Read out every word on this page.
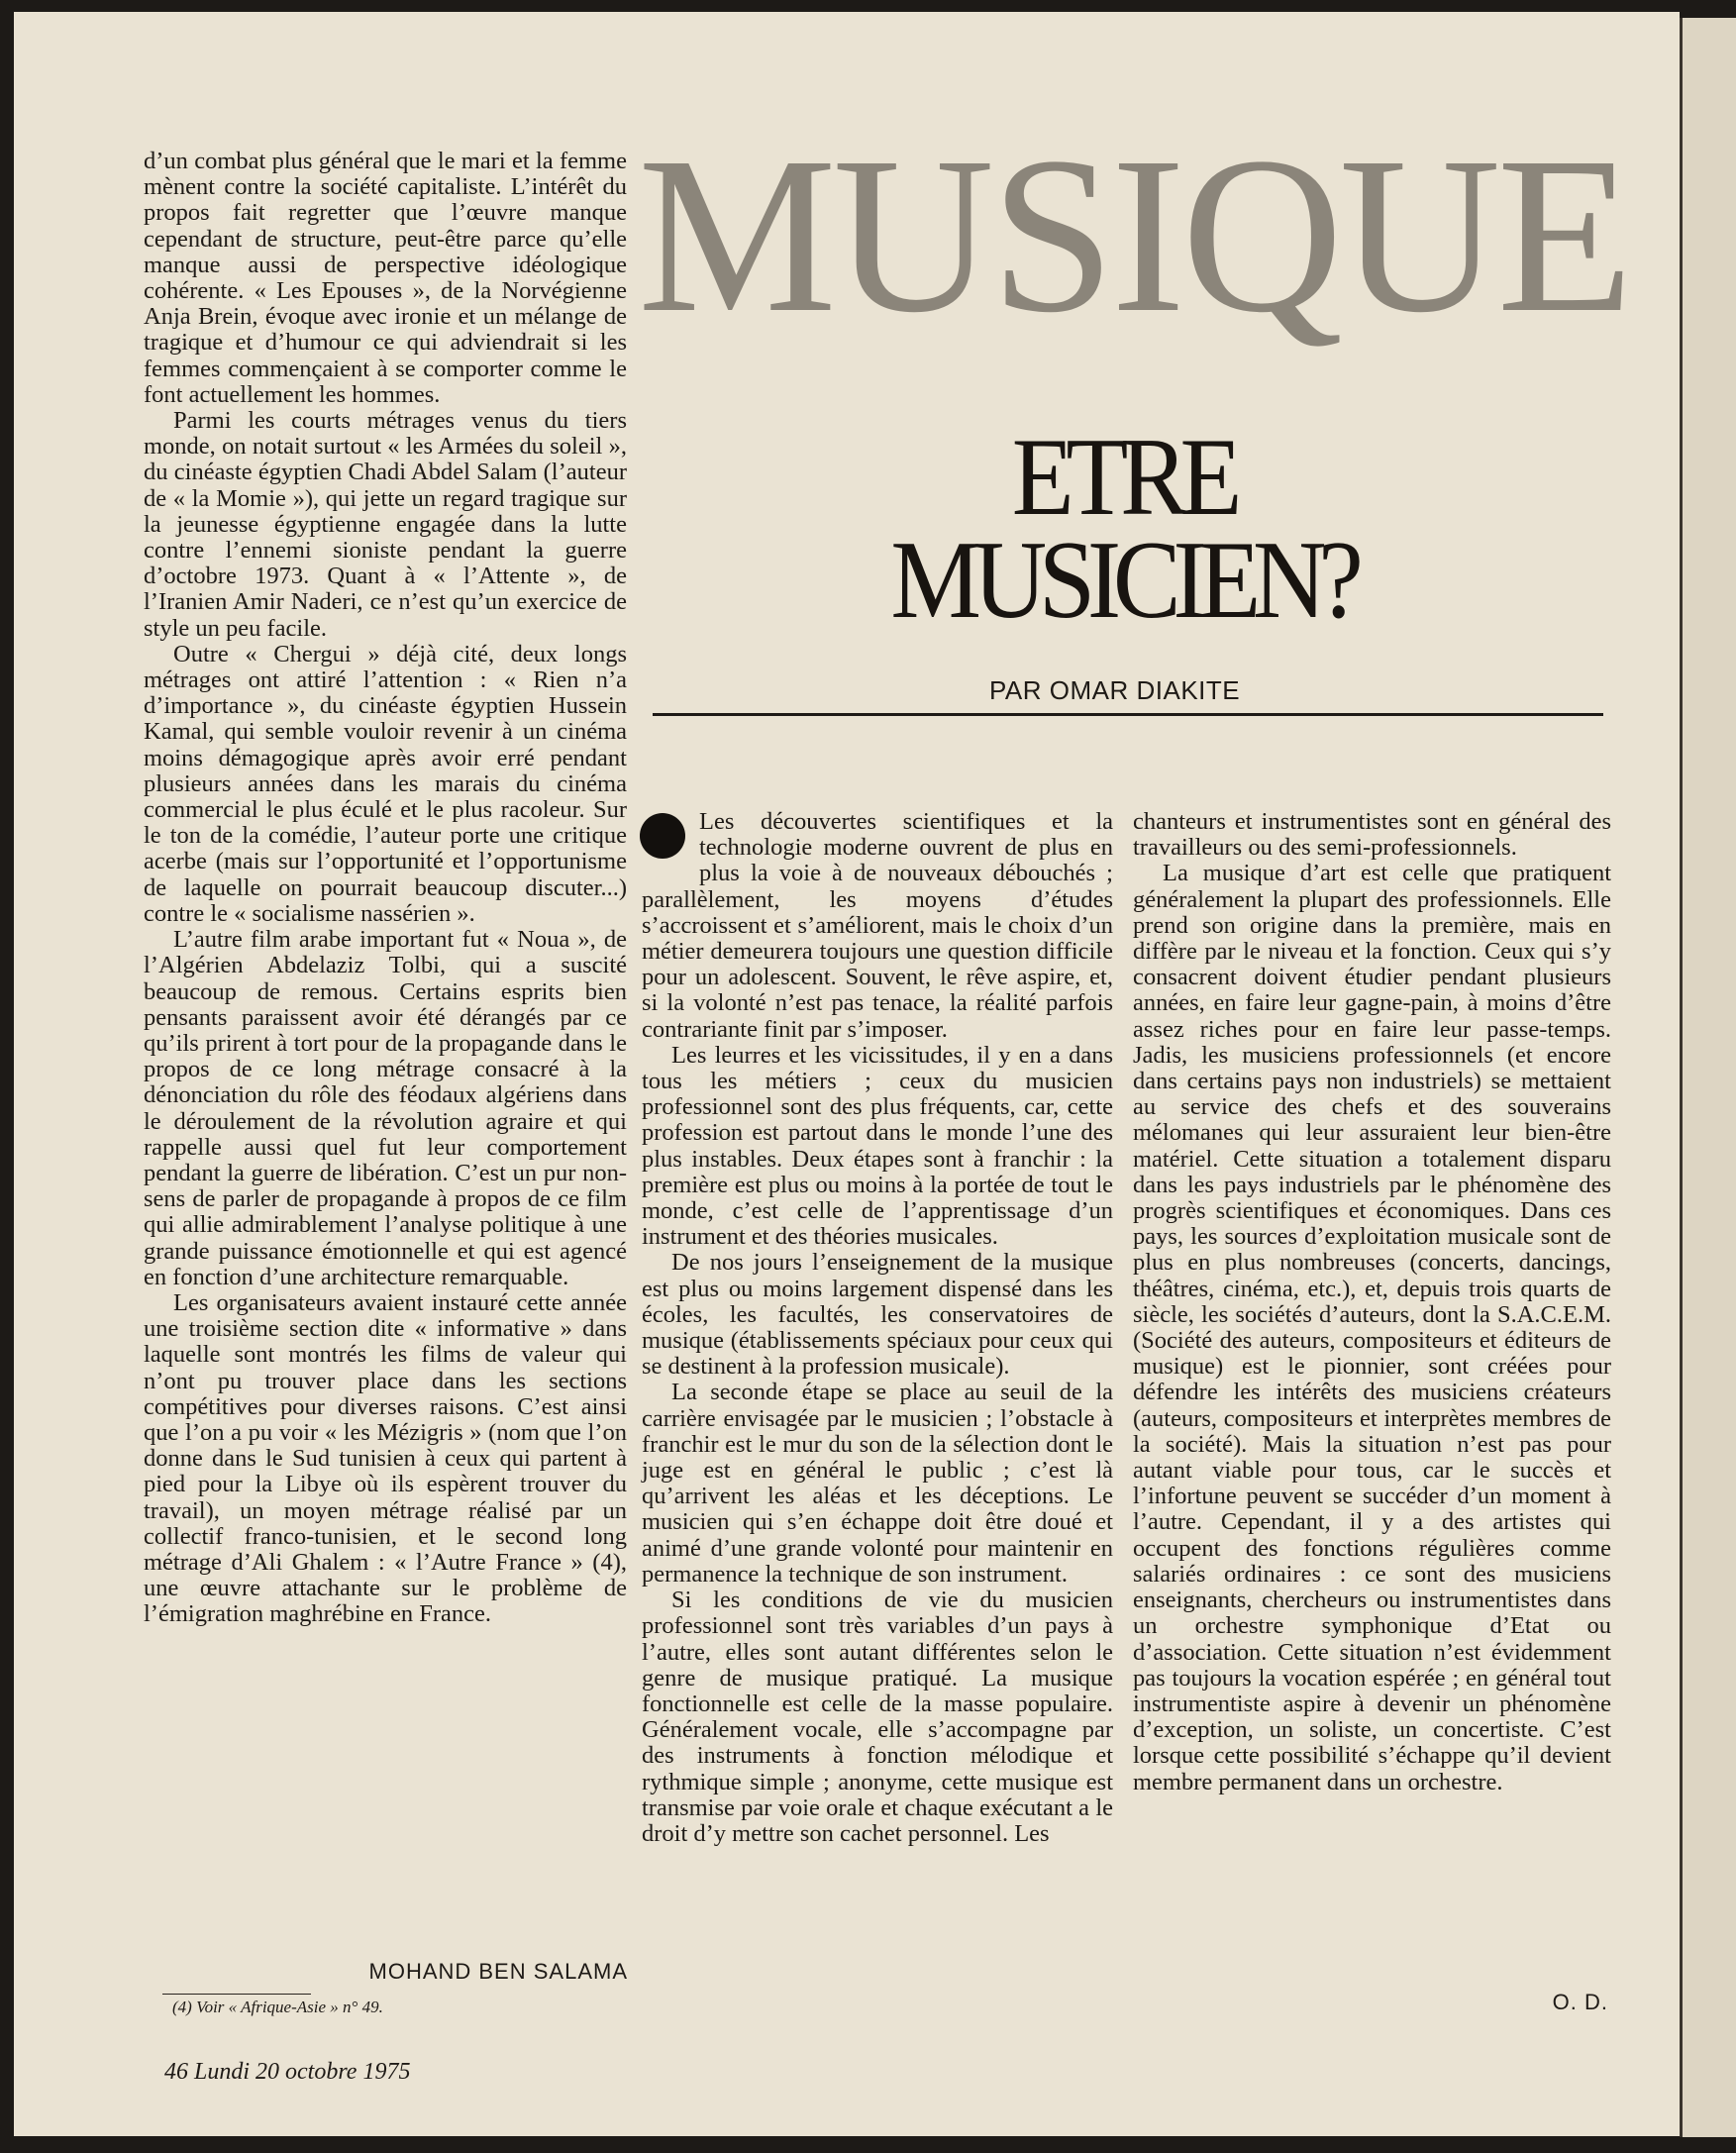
d’un combat plus général que le mari et la femme mènent contre la société capitaliste. L’intérêt du propos fait regretter que l’œuvre manque cependant de structure, peut-être parce qu’elle manque aussi de perspective idéologique cohérente. « Les Epouses », de la Norvégienne Anja Brein, évoque avec ironie et un mélange de tragique et d’humour ce qui adviendrait si les femmes commençaient à se comporter comme le font actuellement les hommes.

Parmi les courts métrages venus du tiers monde, on notait surtout « les Armées du soleil », du cinéaste égyptien Chadi Abdel Salam (l’auteur de « la Momie »), qui jette un regard tragique sur la jeunesse égyptienne engagée dans la lutte contre l’ennemi sioniste pendant la guerre d’octobre 1973. Quant à « l’Attente », de l’Iranien Amir Naderi, ce n’est qu’un exercice de style un peu facile.

Outre « Chergui » déjà cité, deux longs métrages ont attiré l’attention : « Rien n’a d’importance », du cinéaste égyptien Hussein Kamal, qui semble vouloir revenir à un cinéma moins démagogique après avoir erré pendant plusieurs années dans les marais du cinéma commercial le plus éculé et le plus racoleur. Sur le ton de la comédie, l’auteur porte une critique acerbe (mais sur l’opportunité et l’opportunisme de laquelle on pourrait beaucoup discuter...) contre le « socialisme nassérien ».

L’autre film arabe important fut « Noua », de l’Algérien Abdelaziz Tolbi, qui a suscité beaucoup de remous. Certains esprits bien pensants paraissent avoir été dérangés par ce qu’ils prirent à tort pour de la propagande dans le propos de ce long métrage consacré à la dénonciation du rôle des féodaux algériens dans le déroulement de la révolution agraire et qui rappelle aussi quel fut leur comportement pendant la guerre de libération. C’est un pur non-sens de parler de propagande à propos de ce film qui allie admirablement l’analyse politique à une grande puissance émotionnelle et qui est agencé en fonction d’une architecture remarquable.

Les organisateurs avaient instauré cette année une troisième section dite « informative » dans laquelle sont montrés les films de valeur qui n’ont pu trouver place dans les sections compétitives pour diverses raisons. C’est ainsi que l’on a pu voir « les Mézigris » (nom que l’on donne dans le Sud tunisien à ceux qui partent à pied pour la Libye où ils espèrent trouver du travail), un moyen métrage réalisé par un collectif franco-tunisien, et le second long métrage d’Ali Ghalem : « l’Autre France » (4), une œuvre attachante sur le problème de l’émigration maghrébine en France.

MOHAND BEN SALAMA
(4) Voir « Afrique-Asie » n° 49.
46 Lundi 20 octobre 1975
MUSIQUE
ETRE
MUSICIEN?
PAR OMAR DIAKITE

Les découvertes scientifiques et la technologie moderne ouvrent de plus en plus la voie à de nouveaux débouchés ; parallèlement, les moyens d’études s’accroissent et s’améliorent, mais le choix d’un métier demeurera toujours une question difficile pour un adolescent. Souvent, le rêve aspire, et, si la volonté n’est pas tenace, la réalité parfois contrariante finit par s’imposer.

Les leurres et les vicissitudes, il y en a dans tous les métiers ; ceux du musicien professionnel sont des plus fréquents, car, cette profession est partout dans le monde l’une des plus instables. Deux étapes sont à franchir : la première est plus ou moins à la portée de tout le monde, c’est celle de l’apprentissage d’un instrument et des théories musicales.

De nos jours l’enseignement de la musique est plus ou moins largement dispensé dans les écoles, les facultés, les conservatoires de musique (établissements spéciaux pour ceux qui se destinent à la profession musicale).

La seconde étape se place au seuil de la carrière envisagée par le musicien ; l’obstacle à franchir est le mur du son de la sélection dont le juge est en général le public ; c’est là qu’arrivent les aléas et les déceptions. Le musicien qui s’en échappe doit être doué et animé d’une grande volonté pour maintenir en permanence la technique de son instrument.

Si les conditions de vie du musicien professionnel sont très variables d’un pays à l’autre, elles sont autant différentes selon le genre de musique pratiqué. La musique fonctionnelle est celle de la masse populaire. Généralement vocale, elle s’accompagne par des instruments à fonction mélodique et rythmique simple ; anonyme, cette musique est transmise par voie orale et chaque exécutant a le droit d’y mettre son cachet personnel. Les

chanteurs et instrumentistes sont en général des travailleurs ou des semi-professionnels.

La musique d’art est celle que pratiquent généralement la plupart des professionnels. Elle prend son origine dans la première, mais en diffère par le niveau et la fonction. Ceux qui s’y consacrent doivent étudier pendant plusieurs années, en faire leur gagne-pain, à moins d’être assez riches pour en faire leur passe-temps. Jadis, les musiciens professionnels (et encore dans certains pays non industriels) se mettaient au service des chefs et des souverains mélomanes qui leur assuraient leur bien-être matériel. Cette situation a totalement disparu dans les pays industriels par le phénomène des progrès scientifiques et économiques. Dans ces pays, les sources d’exploitation musicale sont de plus en plus nombreuses (concerts, dancings, théâtres, cinéma, etc.), et, depuis trois quarts de siècle, les sociétés d’auteurs, dont la S.A.C.E.M. (Société des auteurs, compositeurs et éditeurs de musique) est le pionnier, sont créées pour défendre les intérêts des musiciens créateurs (auteurs, compositeurs et interprètes membres de la société). Mais la situation n’est pas pour autant viable pour tous, car le succès et l’infortune peuvent se succéder d’un moment à l’autre. Cependant, il y a des artistes qui occupent des fonctions régulières comme salariés ordinaires : ce sont des musiciens enseignants, chercheurs ou instrumentistes dans un orchestre symphonique d’Etat ou d’association. Cette situation n’est évidemment pas toujours la vocation espérée ; en général tout instrumentiste aspire à devenir un phénomène d’exception, un soliste, un concertiste. C’est lorsque cette possibilité s’échappe qu’il devient membre permanent dans un orchestre.

O. D.
